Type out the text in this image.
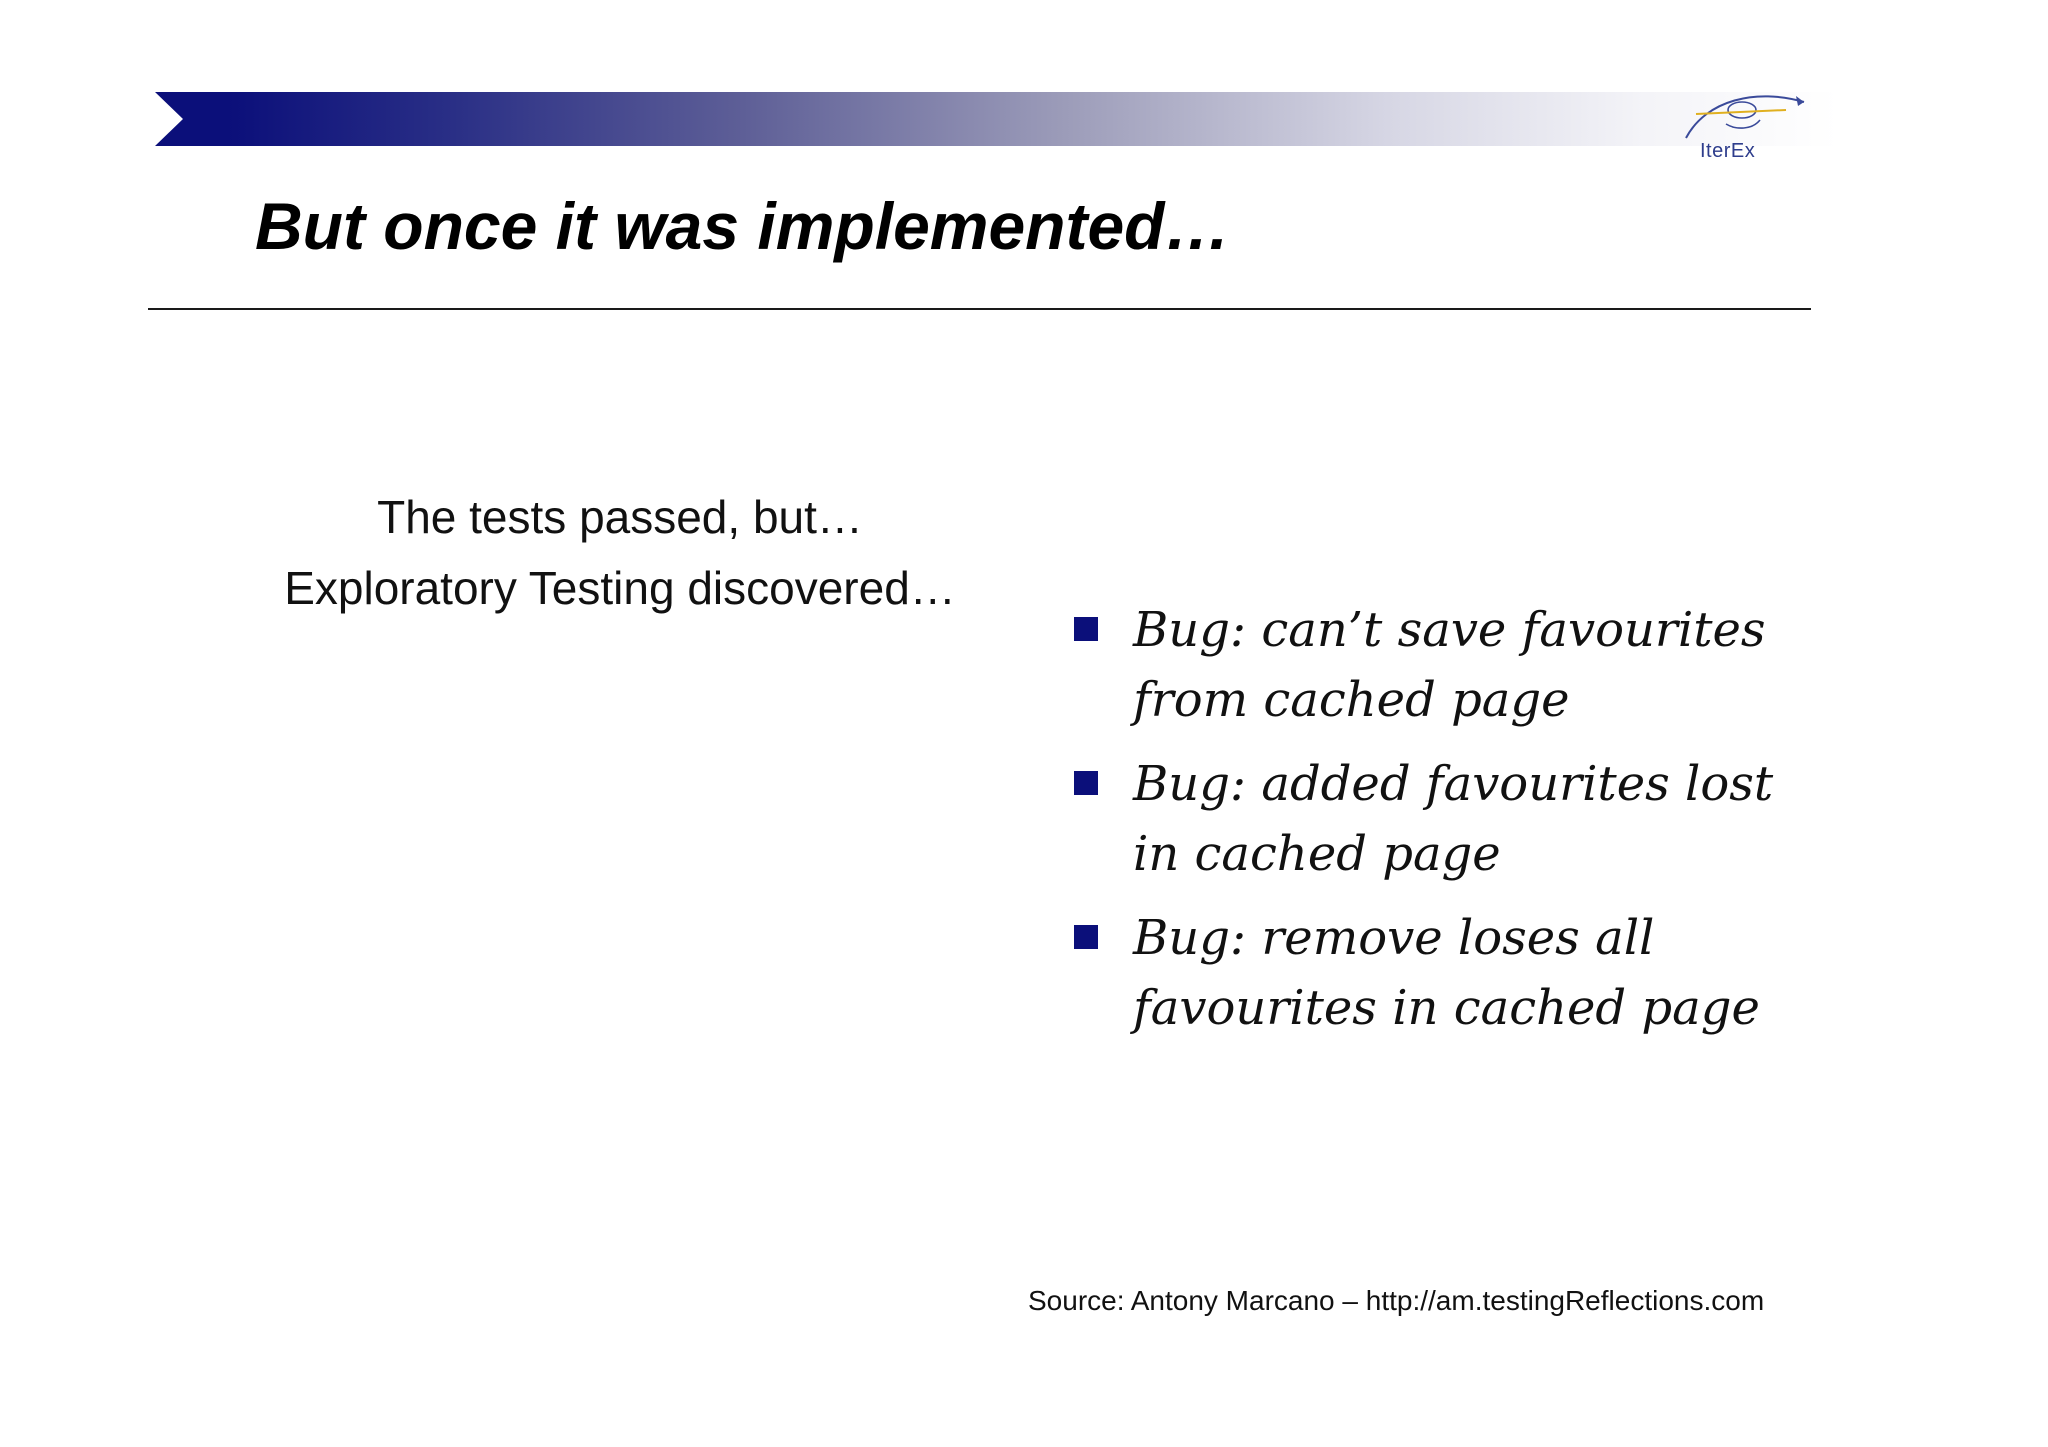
IterEx
But once it was implemented…
The tests passed, but…
Exploratory Testing discovered…
Bug: can’t save favourites
from cached page
Bug: added favourites lost
in cached page
Bug: remove loses all
favourites in cached page
Source: Antony Marcano – http://am.testingReflections.com
